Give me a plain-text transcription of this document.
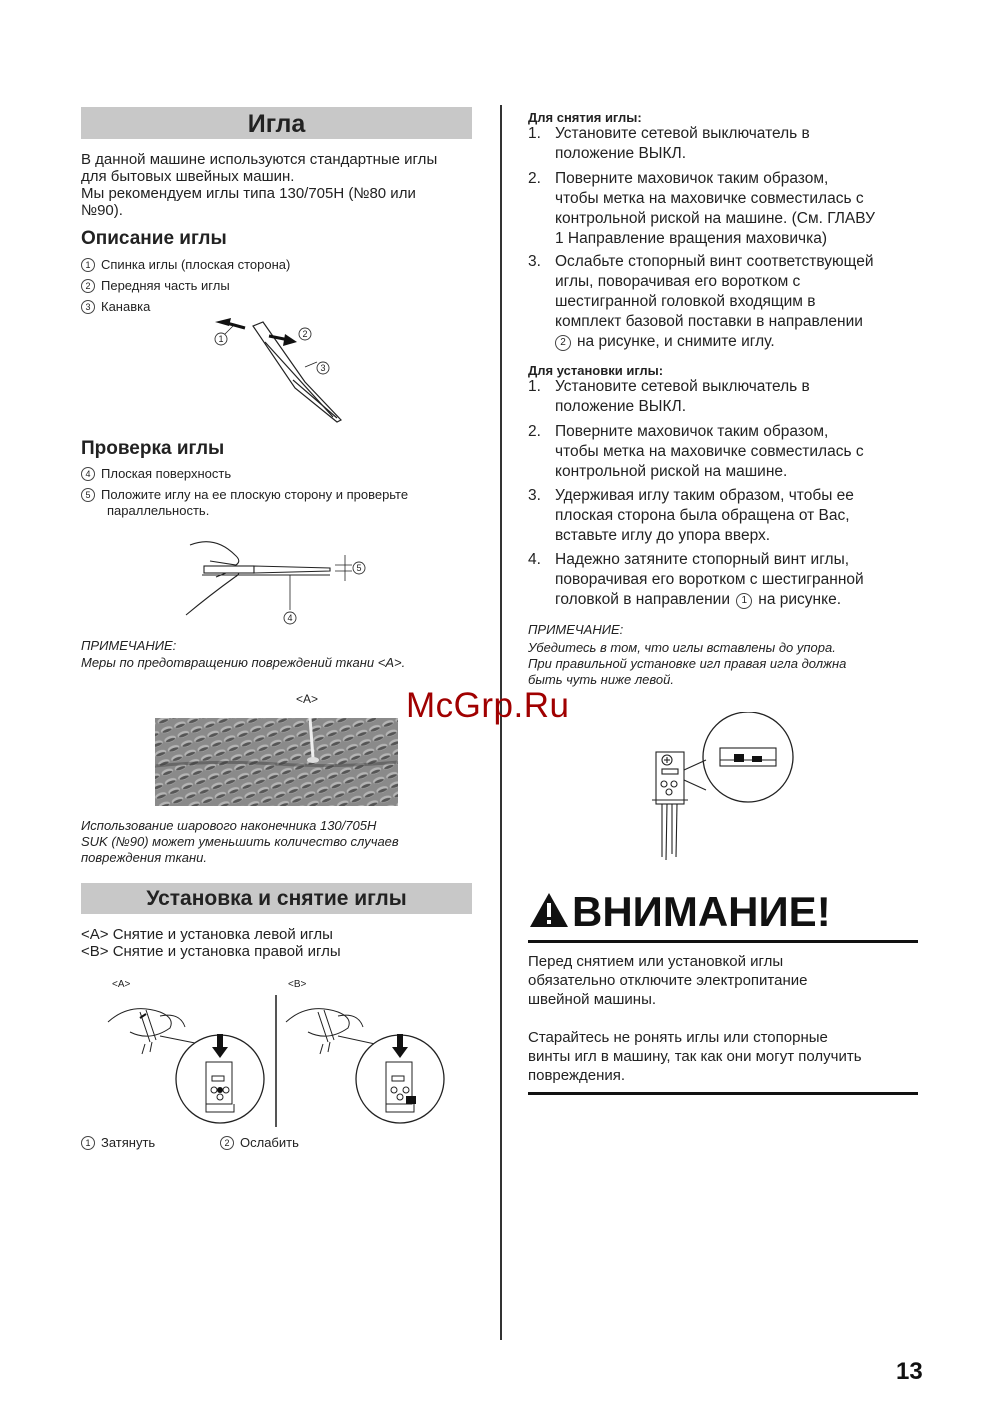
Игла
В данной машине используются стандартные иглы
для бытовых швейных машин.
Мы рекомендуем иглы типа 130/705H (№80 или
№90).
Описание иглы
1 Спинка иглы (плоская сторона)
2 Передняя часть иглы
3 Канавка
1	2
3
Проверка иглы
4 Плоская поверхность
5 Положите иглу на ее плоскую сторону и проверьте
параллельность.
4
5
ПРИМЕЧАНИЕ:
Меры по предотвращению повреждений ткани <A>.
<A>
Использование шарового наконечника 130/705H
SUK (№90) может уменьшить количество случаев
повреждения ткани.
Установка и снятие иглы
<A> Снятие и установка левой иглы
<B> Снятие и установка правой иглы
<A>	<B>
1 Затянуть	2 Ослабить
Для снятия иглы:
1. Установите сетевой выключатель в
положение ВЫКЛ.
2. Поверните маховичок таким образом,
чтобы метка на маховичке совместилась с
контрольной риской на машине. (См. ГЛАВУ
1 Направление вращения маховичка)
3. Ослабьте стопорный винт соответствующей
иглы, поворачивая его воротком с
шестигранной головкой входящим в
комплект базовой поставки в направлении
2 на рисунке, и снимите иглу.
Для установки иглы:
1. Установите сетевой выключатель в
положение ВЫКЛ.
2. Поверните маховичок таким образом,
чтобы метка на маховичке совместилась с
контрольной риской на машине.
3. Удерживая иглу таким образом, чтобы ее
плоская сторона была обращена от Вас,
вставьте иглу до упора вверх.
4. Надежно затяните стопорный винт иглы,
поворачивая его воротком с шестигранной
головкой в направлении 1 на рисунке.
ПРИМЕЧАНИЕ:
Убедитесь в том, что иглы вставлены до упора.
При правильной установке игл правая игла должна
быть чуть ниже левой.
McGrp.Ru
ВНИМАНИЕ!
Перед снятием или установкой иглы
обязательно отключите электропитание
швейной машины.
Старайтесь не ронять иглы или стопорные
винты игл в машину, так как они могут получить
повреждения.
13
